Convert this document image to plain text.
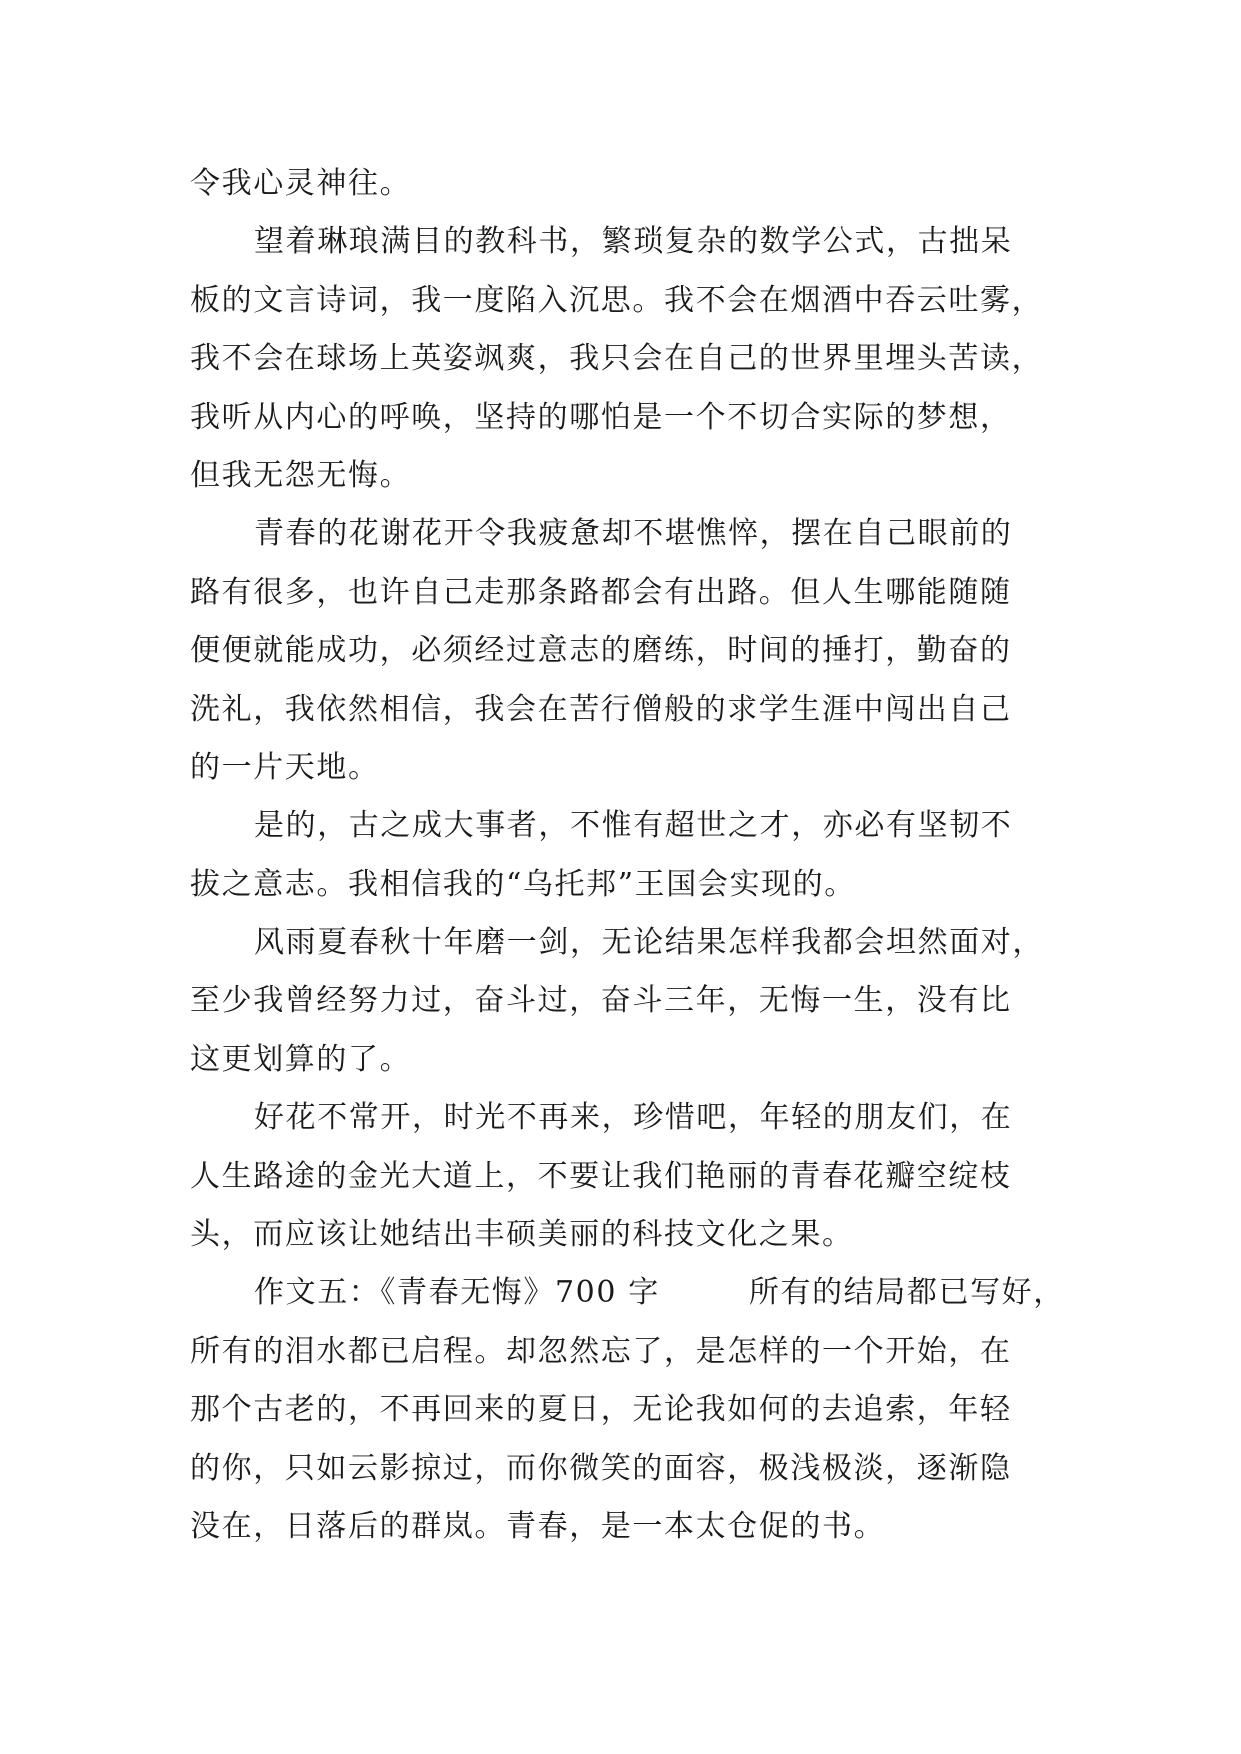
令我心灵神往。
望着琳琅满目的教科书，繁琐复杂的数学公式，古拙呆
板的文言诗词，我一度陷入沉思。我不会在烟酒中吞云吐雾，
我不会在球场上英姿飒爽，我只会在自己的世界里埋头苦读，
我听从内心的呼唤，坚持的哪怕是一个不切合实际的梦想，
但我无怨无悔。
青春的花谢花开令我疲惫却不堪憔悴，摆在自己眼前的
路有很多，也许自己走那条路都会有出路。但人生哪能随随
便便就能成功，必须经过意志的磨练，时间的捶打，勤奋的
洗礼，我依然相信，我会在苦行僧般的求学生涯中闯出自己
的一片天地。
是的，古之成大事者，不惟有超世之才，亦必有坚韧不
拔之意志。我相信我的“乌托邦”王国会实现的。
风雨夏春秋十年磨一剑，无论结果怎样我都会坦然面对，
至少我曾经努力过，奋斗过，奋斗三年，无悔一生，没有比
这更划算的了。
好花不常开，时光不再来，珍惜吧，年轻的朋友们，在
人生路途的金光大道上，不要让我们艳丽的青春花瓣空绽枝
头，而应该让她结出丰硕美丽的科技文化之果。
作文五：《青春无悔》700 字        所有的结局都已写好，
所有的泪水都已启程。却忽然忘了，是怎样的一个开始，在
那个古老的，不再回来的夏日，无论我如何的去追索，年轻
的你，只如云影掠过，而你微笑的面容，极浅极淡，逐渐隐
没在，日落后的群岚。青春，是一本太仓促的书。
